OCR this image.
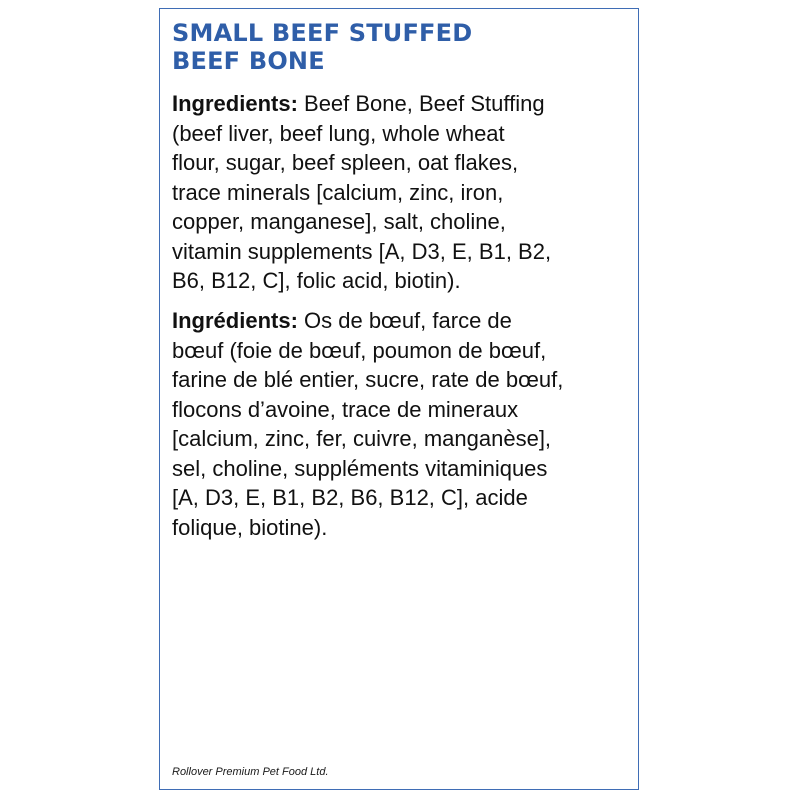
SMALL BEEF STUFFED
BEEF BONE

Ingredients: Beef Bone, Beef Stuffing
(beef liver, beef lung, whole wheat
flour, sugar, beef spleen, oat flakes,
trace minerals [calcium, zinc, iron,
copper, manganese], salt, choline,
vitamin supplements [A, D3, E, B1, B2,
B6, B12, C], folic acid, biotin).

Ingrédients: Os de bœuf, farce de
bœuf (foie de bœuf, poumon de bœuf,
farine de blé entier, sucre, rate de bœuf,
flocons d’avoine, trace de mineraux
[calcium, zinc, fer, cuivre, manganèse],
sel, choline, suppléments vitaminiques
[A, D3, E, B1, B2, B6, B12, C], acide
folique, biotine).

Rollover Premium Pet Food Ltd.
